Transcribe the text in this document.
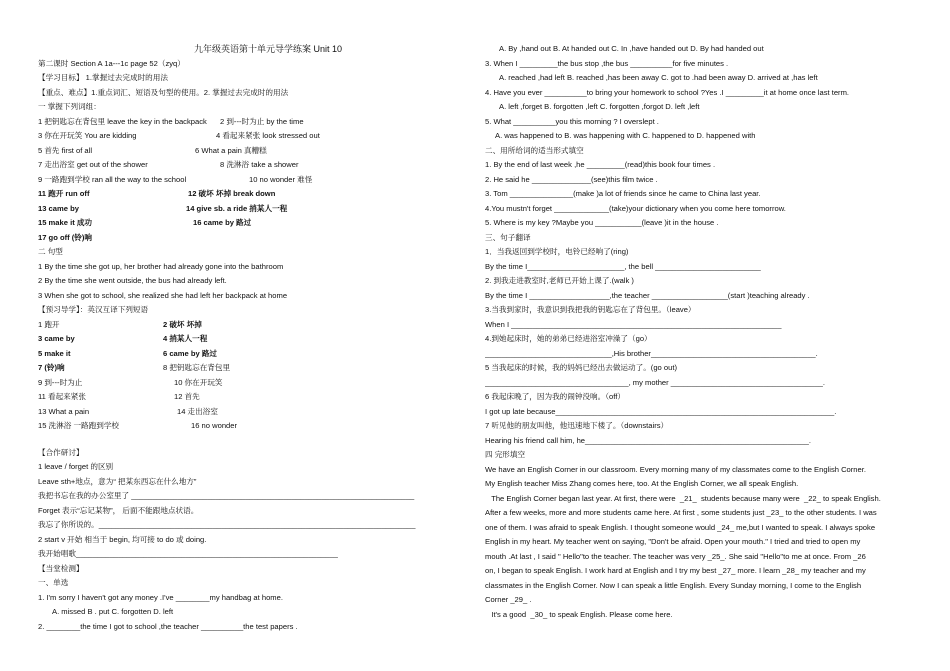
九年级英语第十单元导学练案 Unit 10
第二课时 Section A 1a---1c page 52（zyq）
【学习目标】 1.掌握过去完成时的用法
【重点、难点】1.重点词汇、短语及句型的使用。2. 掌握过去完成时的用法
一 掌握下列词组：
1 把钥匙忘在背包里 leave the key in the backpack	2 到---时为止 by the time
3 你在开玩笑 You are kidding	4 看起来紧张 look stressed out
5 首先 first of all	6 What a pain 真糟糕
7 走出浴室 get out of the shower	8 洗淋浴 take a shower
9 一路跑到学校 ran all the way to the school	10 no wonder 难怪
11 跑开 run off	12 破坏 坏掉 break down
13 came by	14 give sb. a ride 捎某人一程
15 make it 成功	16 came by 路过
17 go off (铃)响
二 句型
1 By the time she got up, her brother had already gone into the bathroom
2 By the time she went outside, the bus had already left.
3 When she got to school, she realized she had left her backpack at home
【预习导学】：英汉互译下列短语
1 跑开	2 破坏 坏掉
3 came by	4 捎某人一程
5 make it	6 came by 路过
7 (铃)响	8 把钥匙忘在背包里
9 到---时为止	10 你在开玩笑
11 看起来紧张	12 首先
13 What a pain	14 走出浴室
15 洗淋浴 一路跑到学校	16 no wonder
【合作研讨】
1 leave / forget 的区别
Leave sth+地点，意为“ 把某东西忘在什么地方”
我把书忘在我的办公室里了 ___________________________________________________________________
Forget 表示“忘记某物”， 后面不能跟地点状语。
我忘了你所说的。___________________________________________________________________________
2 start v 开始 相当于 begin, 均可接 to do 或 doing.
我开始唱歌______________________________________________________________
【当堂检测】
一、单选
1. I'm sorry I haven't got any money .I've ________my handbag at home.
A. missed B . put C. forgotten D. left
2. ________the time I got to school ,the teacher __________the test papers .
A. By ,hand out B. At handed out C. In ,have handed out D. By had handed out
3. When I _________the bus stop ,the bus __________for five minutes .
A. reached ,had left B. reached ,has been away C. got to .had been away D. arrived at ,has left
4. Have you ever __________to bring your homework to school ?Yes .I _________it at home once last term.
A. left ,forget B. forgotten ,left C. forgotten ,forgot D. left ,left
5. What __________you this morning ? I overslept .
A. was happened to B. was happening with C. happened to D. happened with
二、用所给词的适当形式填空
1. By the end of last week ,he _________(read)this book four times .
2. He said he ______________(see)this film twice .
3. Tom _______________(make )a lot of friends since he came to China last year.
4.You mustn't forget _____________(take)your dictionary when you come here tomorrow.
5. Where is my key ?Maybe you ___________(leave )it in the house .
三、句子翻译
1．当我返回到学校时，电铃已经响了(ring)
By the time I_______________________, the bell _________________________
2. 到我走进教室时,老师已开始上课了.(walk )
By the time I ___________________,the teacher __________________(start )teaching already .
3.当我到家时，我意识到我把我的钥匙忘在了背包里。（leave）
When I ________________________________________________________________
4.到她起床时，她的弟弟已经进浴室冲澡了（go）
______________________________,His brother_______________________________________.
5 当我起床的时候，我的妈妈已经出去做运动了。(go out)
__________________________________, my mother ____________________________________.
6 我起床晚了，因为我的闹钟没响。（off）
I got up late because__________________________________________________________________.
7 听见他的朋友叫他，他迅速地下楼了。（downstairs）
Hearing his friend call him, he_____________________________________________________.
四 完形填空
We have an English Corner in our classroom. Every morning many of my classmates come to the English Corner.
My English teacher Miss Zhang comes here, too. At the English Corner, we all speak English.
The English Corner began last year. At first, there were  _21_  students because many were  _22_ to speak English.
After a few weeks, more and more students came here. At first , some students just _23_ to the other students. I was
one of them. I was afraid to speak English. I thought someone would _24_ me,but I wanted to speak. I always spoke
English in my heart. My teacher went on saying, "Don't be afraid. Open your mouth." I tried and tried to open my
mouth .At last , I said " Hello"to the teacher. The teacher was very _25_. She said "Hello"to me at once. From _26
on, I began to speak English. I work hard at English and I try my best _27_ more. I learn _28_ my teacher and my
classmates in the English Corner. Now I can speak a little English. Every Sunday morning, I come to the English
Corner _29_ .
It's a good  _30_ to speak English. Please come here.
